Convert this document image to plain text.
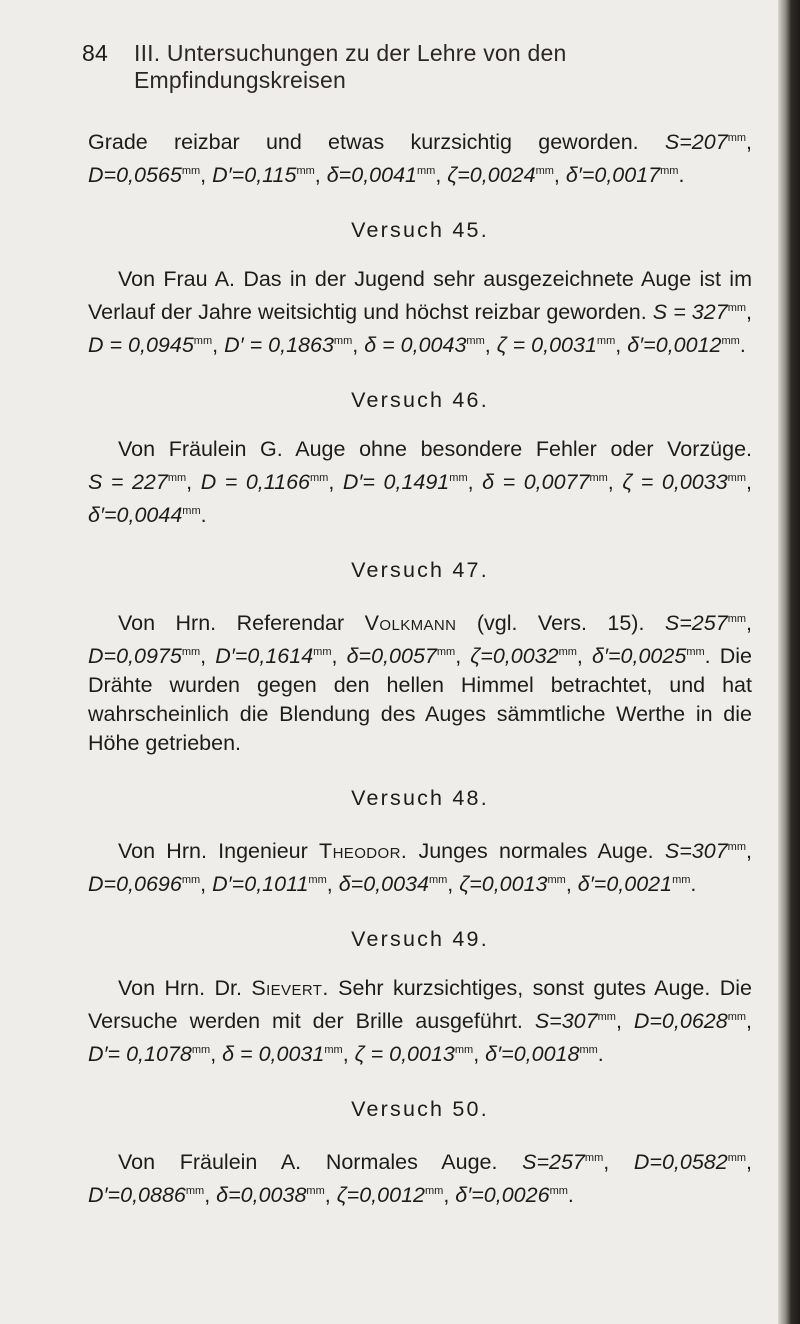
84 III. Untersuchungen zu der Lehre von den Empfindungskreisen

Grade reizbar und etwas kurzsichtig geworden. $S=207^{mm}$, $D=0,0565^{mm}$, $D'=0,115^{mm}$, $\delta=0,0041^{mm}$, $\zeta=0,0024^{mm}$, $\delta'=0,0017^{mm}$.

Versuch 45.

Von Frau A. Das in der Jugend sehr ausgezeichnete Auge ist im Verlauf der Jahre weitsichtig und höchst reizbar geworden. $S = 327^{mm}$, $D = 0,0945^{mm}$, $D' = 0,1863^{mm}$, $\delta = 0,0043^{mm}$, $\zeta = 0,0031^{mm}$, $\delta'=0,0012^{mm}$.

Versuch 46.

Von Fräulein G. Auge ohne besondere Fehler oder Vorzüge. $S = 227^{mm}$, $D = 0,1166^{mm}$, $D'= 0,1491^{mm}$, $\delta = 0,0077^{mm}$, $\zeta = 0,0033^{mm}$, $\delta'=0,0044^{mm}$.

Versuch 47.

Von Hrn. Referendar Volkmann (vgl. Vers. 15). $S=257^{mm}$, $D=0,0975^{mm}$, $D'=0,1614^{mm}$, $\delta=0,0057^{mm}$, $\zeta=0,0032^{mm}$, $\delta'=0,0025^{mm}$. Die Drähte wurden gegen den hellen Himmel betrachtet, und hat wahrscheinlich die Blendung des Auges sämmtliche Werthe in die Höhe getrieben.

Versuch 48.

Von Hrn. Ingenieur Theodor. Junges normales Auge. $S=307^{mm}$, $D=0,0696^{mm}$, $D'=0,1011^{mm}$, $\delta=0,0034^{mm}$, $\zeta=0,0013^{mm}$, $\delta'=0,0021^{mm}$.

Versuch 49.

Von Hrn. Dr. Sievert. Sehr kurzsichtiges, sonst gutes Auge. Die Versuche werden mit der Brille ausgeführt. $S=307^{mm}$, $D=0,0628^{mm}$, $D'= 0,1078^{mm}$, $\delta = 0,0031^{mm}$, $\zeta = 0,0013^{mm}$, $\delta'=0,0018^{mm}$.

Versuch 50.

Von Fräulein A. Normales Auge. $S=257^{mm}$, $D=0,0582^{mm}$, $D'=0,0886^{mm}$, $\delta=0,0038^{mm}$, $\zeta=0,0012^{mm}$, $\delta'=0,0026^{mm}$.
